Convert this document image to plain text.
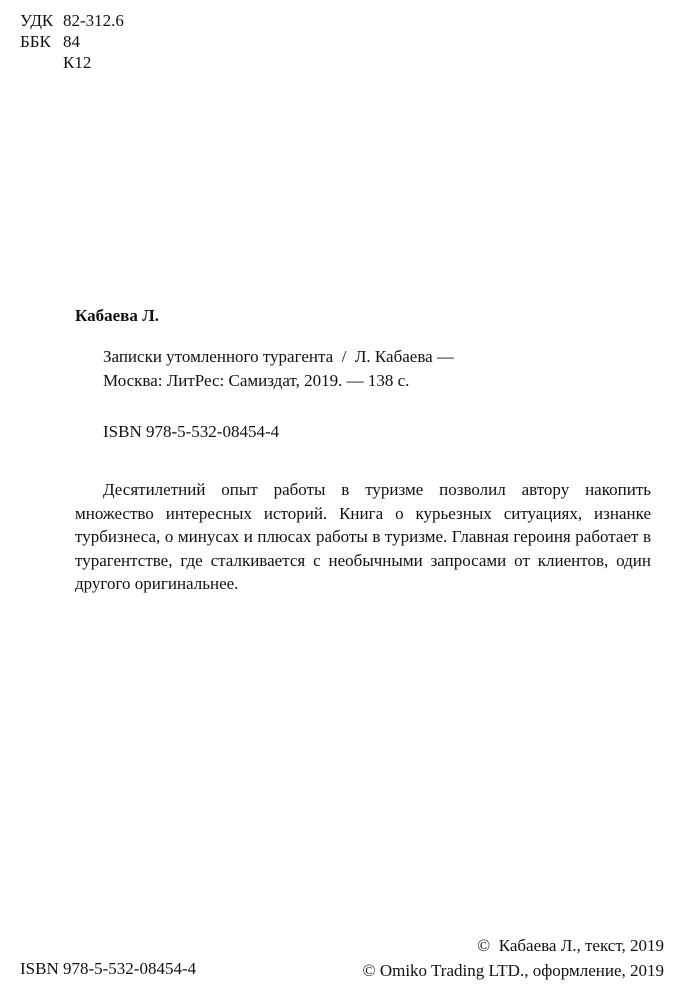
УДК 82-312.6
ББК 84
К12
Кабаева Л.
Записки утомленного турагента  /  Л. Кабаева —
Москва: ЛитРес: Самиздат, 2019. — 138 с.
ISBN 978-5-532-08454-4

Десятилетний опыт работы в туризме позволил автору накопить множество интересных историй. Книга о курьезных ситуациях, изнанке турбизнеса, о минусах и плюсах работы в туризме. Главная героиня работает в турагентстве, где сталкивается с необычными запросами от клиентов, один другого оригинальнее.

ISBN 978-5-532-08454-4
©  Кабаева Л., текст, 2019
© Omiko Trading LTD., оформление, 2019
